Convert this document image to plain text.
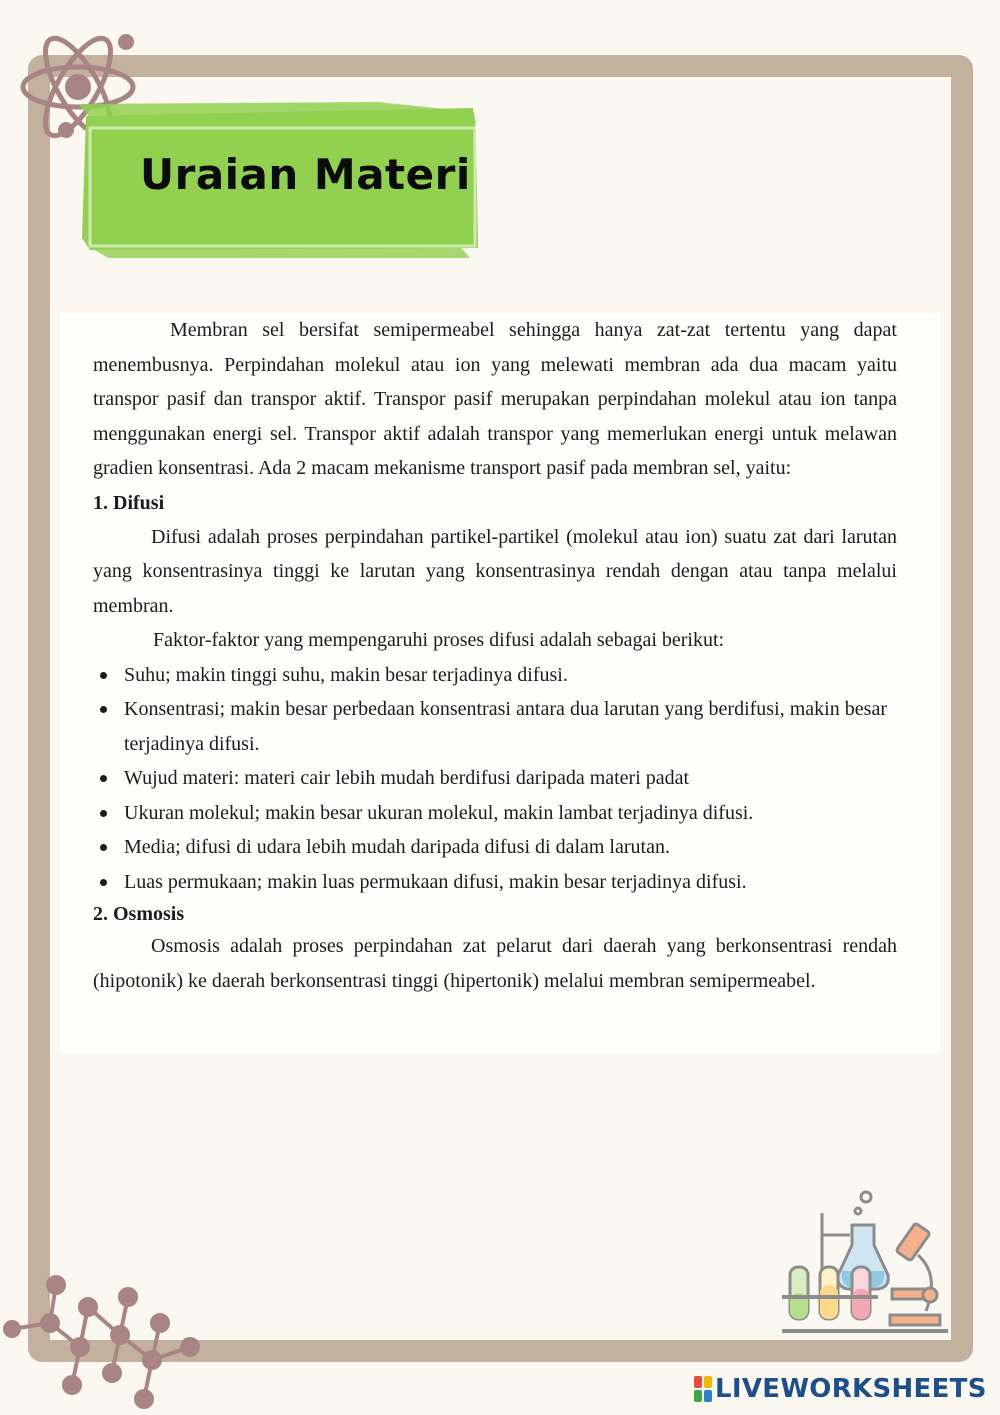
Uraian Materi

Membran sel bersifat semipermeabel sehingga hanya zat-zat tertentu yang dapat menembusnya. Perpindahan molekul atau ion yang melewati membran ada dua macam yaitu transpor pasif dan transpor aktif. Transpor pasif merupakan perpindahan molekul atau ion tanpa menggunakan energi sel. Transpor aktif adalah transpor yang memerlukan energi untuk melawan gradien konsentrasi. Ada 2 macam mekanisme transport pasif pada membran sel, yaitu:

1. Difusi

Difusi adalah proses perpindahan partikel-partikel (molekul atau ion) suatu zat dari larutan yang konsentrasinya tinggi ke larutan yang konsentrasinya rendah dengan atau tanpa melalui membran.

Faktor-faktor yang mempengaruhi proses difusi adalah sebagai berikut:

Suhu; makin tinggi suhu, makin besar terjadinya difusi.
Konsentrasi; makin besar perbedaan konsentrasi antara dua larutan yang berdifusi, makin besar terjadinya difusi.
Wujud materi: materi cair lebih mudah berdifusi daripada materi padat
Ukuran molekul; makin besar ukuran molekul, makin lambat terjadinya difusi.
Media; difusi di udara lebih mudah daripada difusi di dalam larutan.
Luas permukaan; makin luas permukaan difusi, makin besar terjadinya difusi.

2. Osmosis

Osmosis adalah proses perpindahan zat pelarut dari daerah yang berkonsentrasi rendah (hipotonik) ke daerah berkonsentrasi tinggi (hipertonik) melalui membran semipermeabel.

LIVEWORKSHEETS
